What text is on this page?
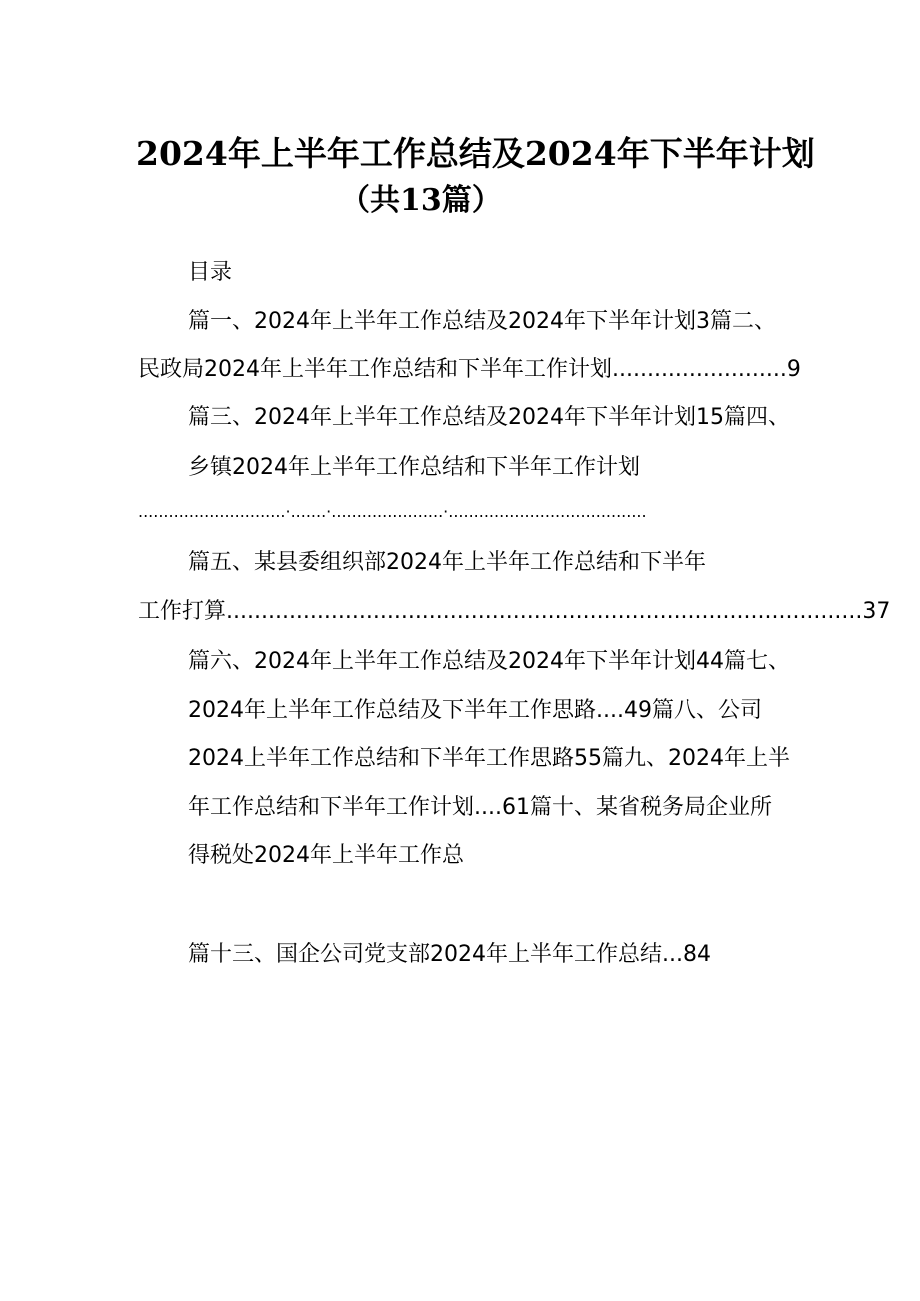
2024年上半年工作总结及2024年下半年计划
（共13篇）
目录
篇一、2024年上半年工作总结及2024年下半年计划3篇二、
民政局2024年上半年工作总结和下半年工作计划.........................9
篇三、2024年上半年工作总结及2024年下半年计划15篇四、
乡镇2024年上半年工作总结和下半年工作计划
.............................·.......·......................·.......................................
篇五、某县委组织部2024年上半年工作总结和下半年
工作打算...........................................................................................37
篇六、2024年上半年工作总结及2024年下半年计划44篇七、
2024年上半年工作总结及下半年工作思路....49篇八、公司
2024上半年工作总结和下半年工作思路55篇九、2024年上半
年工作总结和下半年工作计划....61篇十、某省税务局企业所
得税处2024年上半年工作总
篇十三、国企公司党支部2024年上半年工作总结...84
